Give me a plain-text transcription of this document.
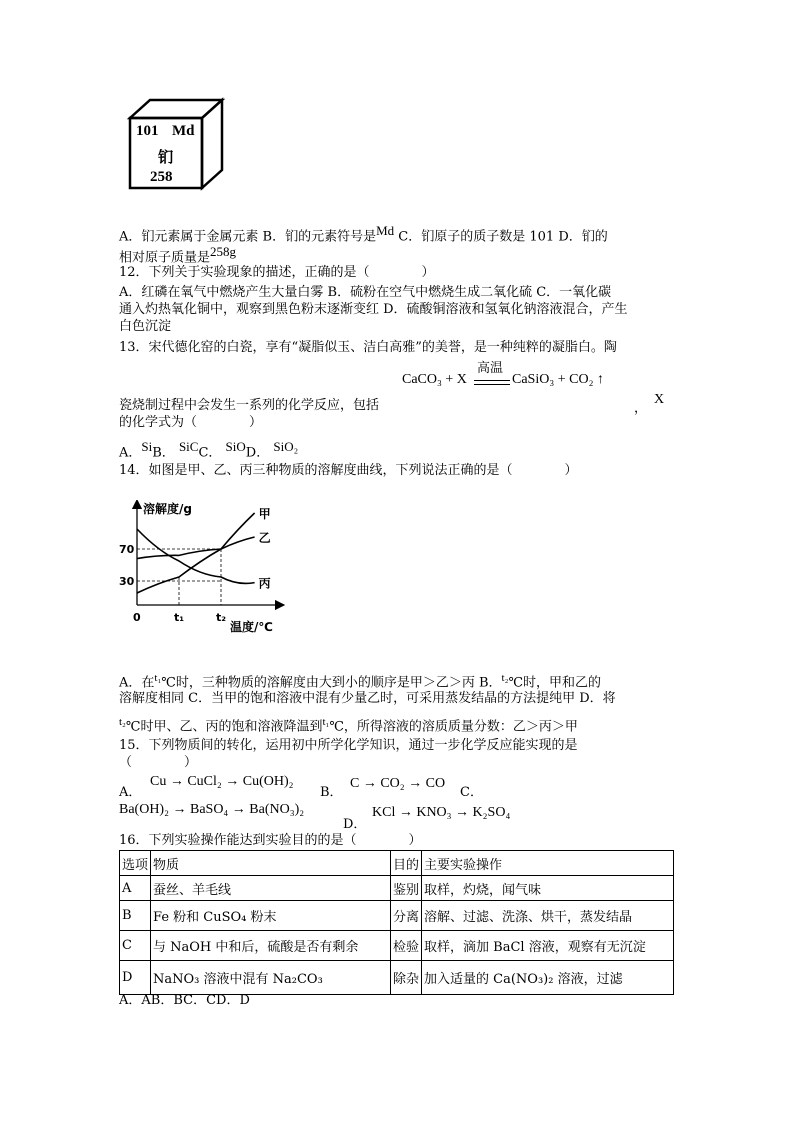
101 Md
钔
258
A．钔元素属于金属元素 B．钔的元素符号是$^{Md}$ C．钔原子的质子数是 101 D．钔的
相对原子质量是$^{258g}$
12．下列关于实验现象的描述，正确的是（　　　　）
A．红磷在氧气中燃烧产生大量白雾 B．硫粉在空气中燃烧生成二氧化硫 C．一氧化碳
通入灼热氧化铜中，观察到黑色粉末逐渐变红 D．硫酸铜溶液和氢氧化钠溶液混合，产生
白色沉淀
13．宋代德化窑的白瓷，享有“凝脂似玉、洁白高雅”的美誉，是一种纯粹的凝脂白。陶
高温
CaCO₃ + X	CaSiO₃ + CO₂ ↑
瓷烧制过程中会发生一系列的化学反应，包括	，
X
的化学式为（　　　　）
A．$^{Si}$B． $^{SiC}$C． $^{SiO}$D． $^{SiO_2}$
14．如图是甲、乙、丙三种物质的溶解度曲线，下列说法正确的是（　　　　）
溶解度/g
70
30
0	t₁	t₂
甲
乙
丙
温度/℃
A．在$^{t_1}$℃时，三种物质的溶解度由大到小的顺序是甲＞乙＞丙 B．$^{t_2}$℃时，甲和乙的
溶解度相同 C．当甲的饱和溶液中混有少量乙时，可采用蒸发结晶的方法提纯甲 D．将
$^{t_2}$℃时甲、乙、丙的饱和溶液降温到$^{t_1}$℃，所得溶液的溶质质量分数：乙＞丙＞甲
15．下列物质间的转化，运用初中所学化学知识，通过一步化学反应能实现的是
（　　　　）
A．
Cu → CuCl₂ → Cu(OH)₂
B．
C → CO₂ → CO
C．
Ba(OH)₂ → BaSO₄ → Ba(NO₃)₂
D．
KCl → KNO₃ → K₂SO₄
16．下列实验操作能达到实验目的的是（　　　　）
选项	物质	目的	主要实验操作
A	蚕丝、羊毛线	鉴别	取样，灼烧，闻气味
B	Fe 粉和 CuSO₄ 粉末	分离	溶解、过滤、洗涤、烘干，蒸发结晶
C	与 NaOH 中和后，硫酸是否有剩余	检验	取样，滴加 BaCl 溶液，观察有无沉淀
D	NaNO₃ 溶液中混有 Na₂CO₃	除杂	加入适量的 Ca(NO₃)₂ 溶液，过滤
A．AB．BC．CD．D
